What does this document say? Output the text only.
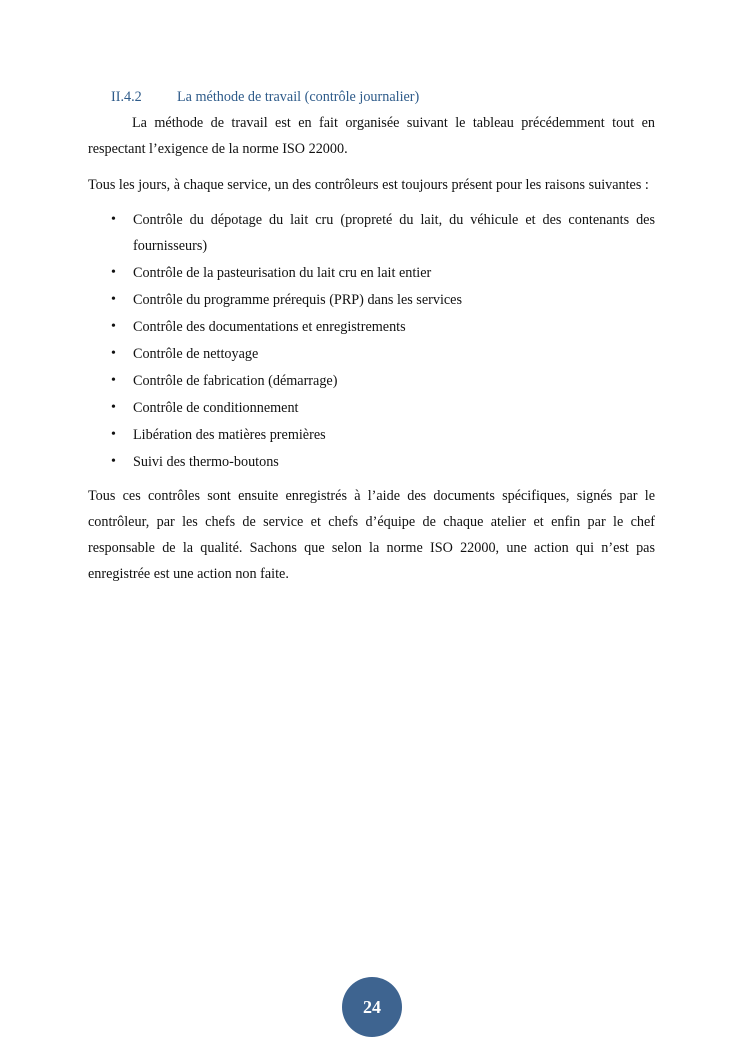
II.4.2 La méthode de travail (contrôle journalier)

La méthode de travail est en fait organisée suivant le tableau précédemment tout en respectant l’exigence de la norme ISO 22000.

Tous les jours, à chaque service, un des contrôleurs est toujours présent pour les raisons suivantes :

• Contrôle du dépotage du lait cru (propreté du lait, du véhicule et des contenants des fournisseurs)
• Contrôle de la pasteurisation du lait cru en lait entier
• Contrôle du programme prérequis (PRP) dans les services
• Contrôle des documentations et enregistrements
• Contrôle de nettoyage
• Contrôle de fabrication (démarrage)
• Contrôle de conditionnement
• Libération des matières premières
• Suivi des thermo-boutons

Tous ces contrôles sont ensuite enregistrés à l’aide des documents spécifiques, signés par le contrôleur, par les chefs de service et chefs d’équipe de chaque atelier et enfin par le chef responsable de la qualité. Sachons que selon la norme ISO 22000, une action qui n’est pas enregistrée est une action non faite.

24
